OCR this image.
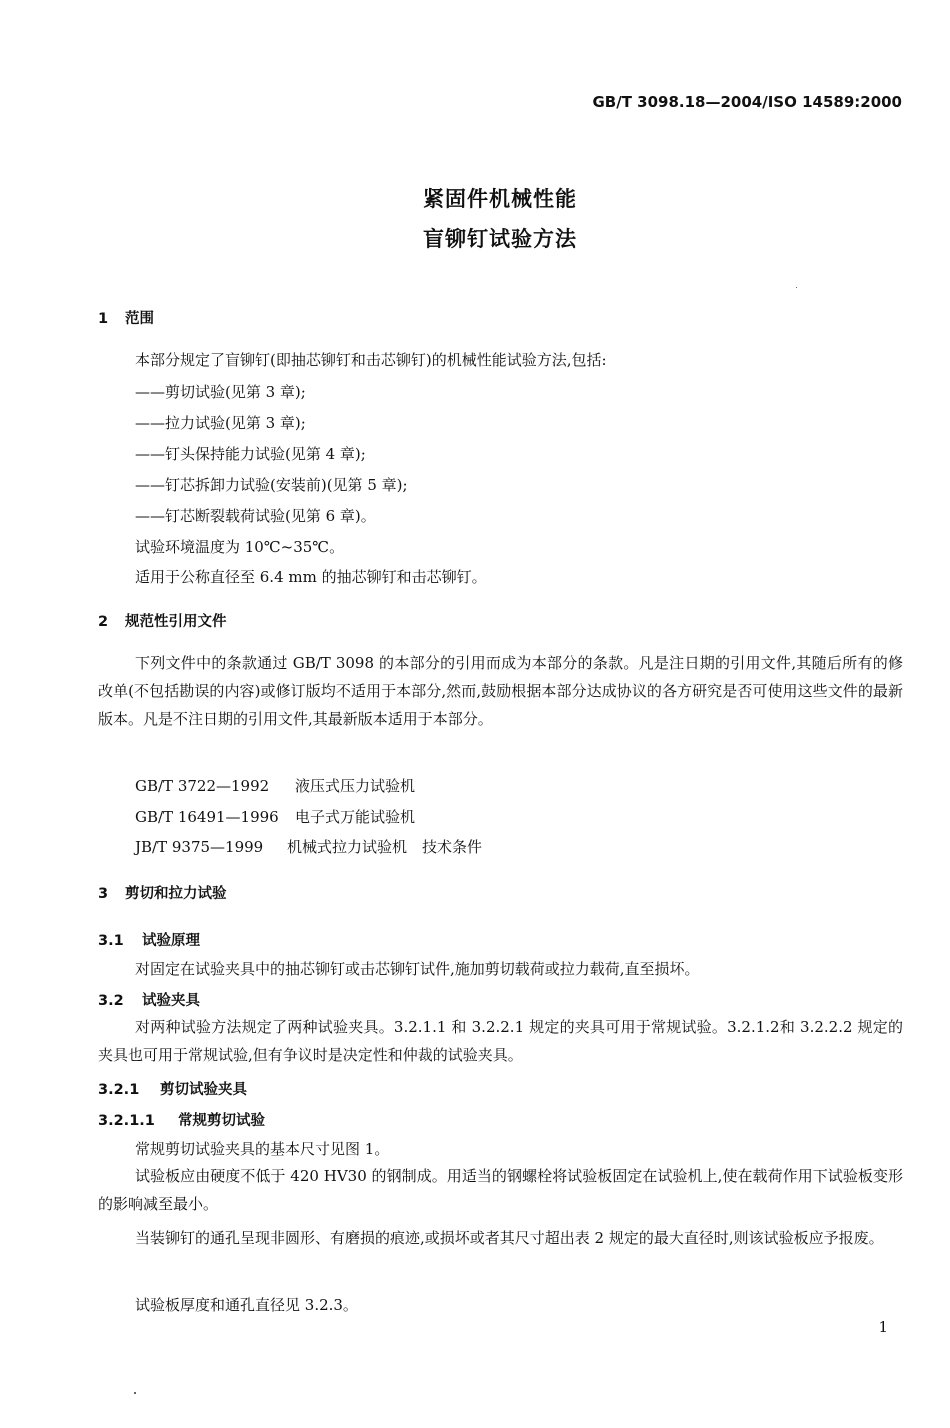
GB/T 3098.18—2004/ISO 14589:2000
紧固件机械性能
盲铆钉试验方法
1 范围
本部分规定了盲铆钉(即抽芯铆钉和击芯铆钉)的机械性能试验方法,包括:
——剪切试验(见第 3 章);
——拉力试验(见第 3 章);
——钉头保持能力试验(见第 4 章);
——钉芯拆卸力试验(安装前)(见第 5 章);
——钉芯断裂载荷试验(见第 6 章)。
试验环境温度为 10℃~35℃。
适用于公称直径至 6.4 mm 的抽芯铆钉和击芯铆钉。
2 规范性引用文件
下列文件中的条款通过 GB/T 3098 的本部分的引用而成为本部分的条款。凡是注日期的引用文件,其随后所有的修改单(不包括勘误的内容)或修订版均不适用于本部分,然而,鼓励根据本部分达成协议的各方研究是否可使用这些文件的最新版本。凡是不注日期的引用文件,其最新版本适用于本部分。
GB/T 3722—1992 液压式压力试验机
GB/T 16491—1996 电子式万能试验机
JB/T 9375—1999 机械式拉力试验机　技术条件
3 剪切和拉力试验
3.1 试验原理
对固定在试验夹具中的抽芯铆钉或击芯铆钉试件,施加剪切载荷或拉力载荷,直至损坏。
3.2 试验夹具
对两种试验方法规定了两种试验夹具。3.2.1.1 和 3.2.2.1 规定的夹具可用于常规试验。3.2.1.2和 3.2.2.2 规定的夹具也可用于常规试验,但有争议时是决定性和仲裁的试验夹具。
3.2.1 剪切试验夹具
3.2.1.1 常规剪切试验
常规剪切试验夹具的基本尺寸见图 1。
试验板应由硬度不低于 420 HV30 的钢制成。用适当的钢螺栓将试验板固定在试验机上,使在载荷作用下试验板变形的影响减至最小。
当装铆钉的通孔呈现非圆形、有磨损的痕迹,或损坏或者其尺寸超出表 2 规定的最大直径时,则该试验板应予报废。
试验板厚度和通孔直径见 3.2.3。
1
